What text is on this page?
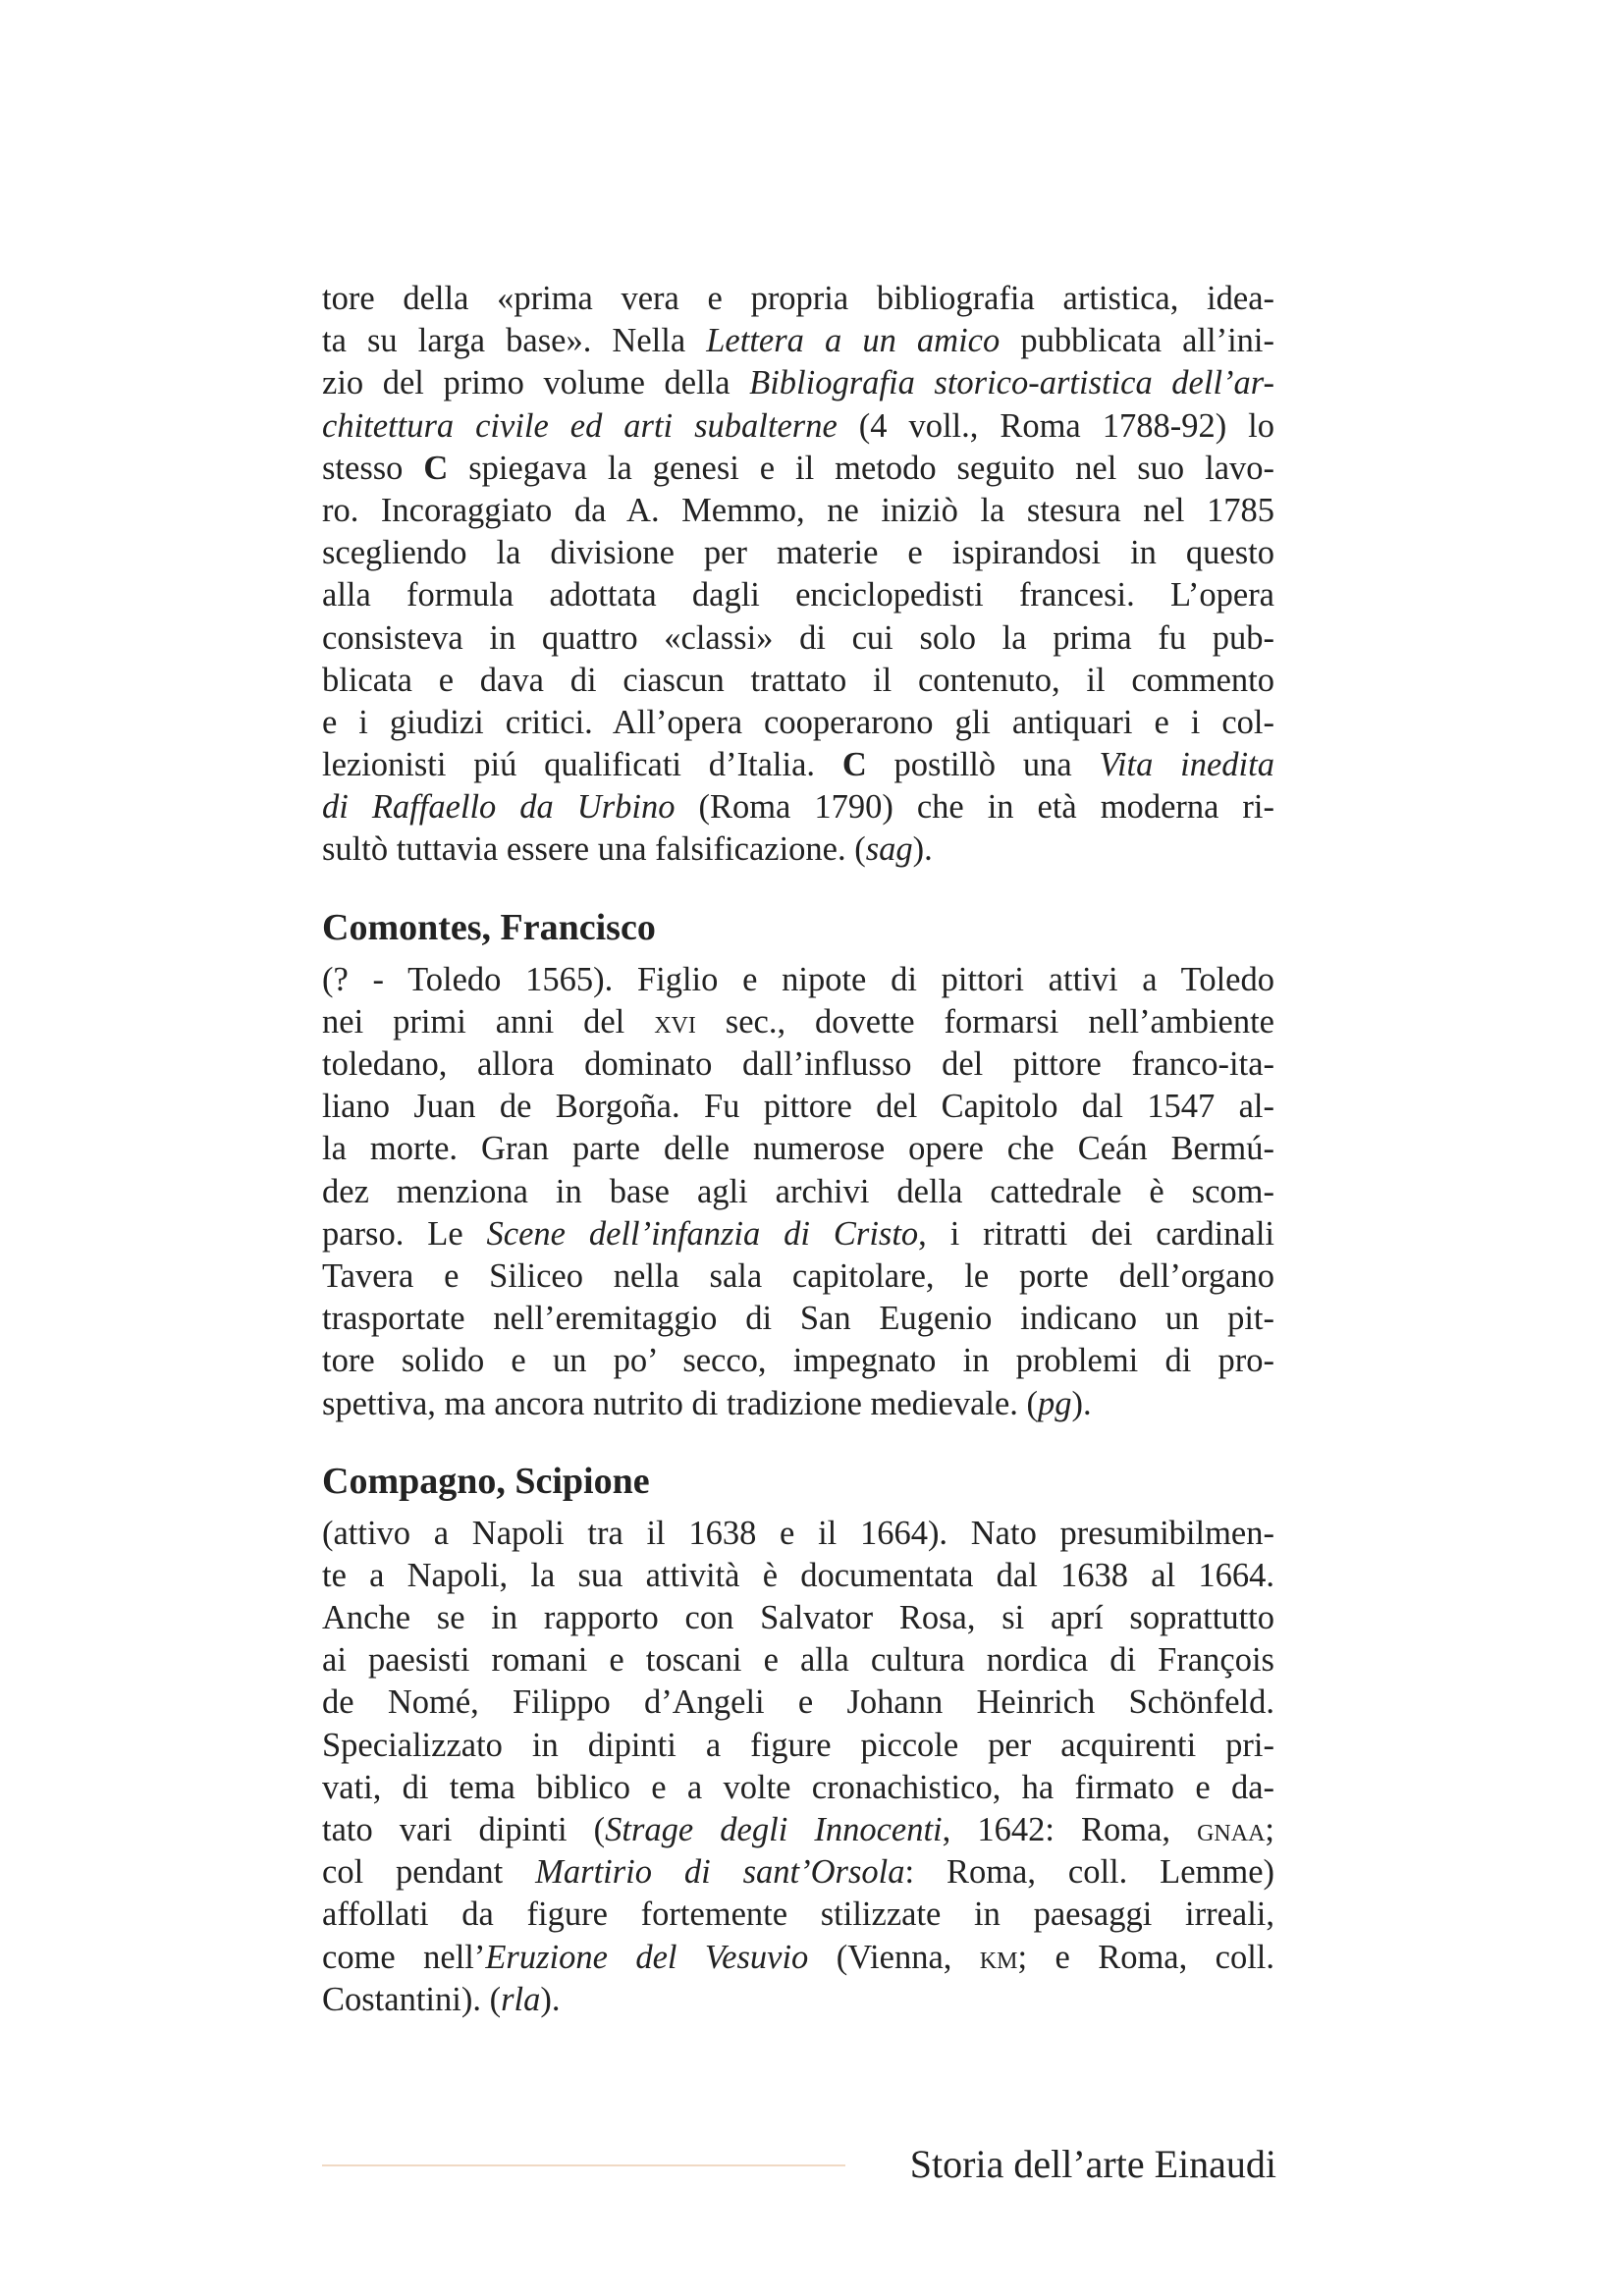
tore della «prima vera e propria bibliografia artistica, idea-
ta su larga base». Nella Lettera a un amico pubblicata all’ini-
zio del primo volume della Bibliografia storico-artistica dell’ar-
chitettura civile ed arti subalterne (4 voll., Roma 1788-92) lo
stesso C spiegava la genesi e il metodo seguito nel suo lavo-
ro. Incoraggiato da A. Memmo, ne iniziò la stesura nel 1785
scegliendo la divisione per materie e ispirandosi in questo
alla formula adottata dagli enciclopedisti francesi. L’opera
consisteva in quattro «classi» di cui solo la prima fu pub-
blicata e dava di ciascun trattato il contenuto, il commento
e i giudizi critici. All’opera cooperarono gli antiquari e i col-
lezionisti piú qualificati d’Italia. C postillò una Vita inedita
di Raffaello da Urbino (Roma 1790) che in età moderna ri-
sultò tuttavia essere una falsificazione. (sag).
Comontes, Francisco
(? - Toledo 1565). Figlio e nipote di pittori attivi a Toledo
nei primi anni del xvi sec., dovette formarsi nell’ambiente
toledano, allora dominato dall’influsso del pittore franco-ita-
liano Juan de Borgoña. Fu pittore del Capitolo dal 1547 al-
la morte. Gran parte delle numerose opere che Ceán Bermú-
dez menziona in base agli archivi della cattedrale è scom-
parso. Le Scene dell’infanzia di Cristo, i ritratti dei cardinali
Tavera e Siliceo nella sala capitolare, le porte dell’organo
trasportate nell’eremitaggio di San Eugenio indicano un pit-
tore solido e un po’ secco, impegnato in problemi di pro-
spettiva, ma ancora nutrito di tradizione medievale. (pg).
Compagno, Scipione
(attivo a Napoli tra il 1638 e il 1664). Nato presumibilmen-
te a Napoli, la sua attività è documentata dal 1638 al 1664.
Anche se in rapporto con Salvator Rosa, si aprí soprattutto
ai paesisti romani e toscani e alla cultura nordica di François
de Nomé, Filippo d’Angeli e Johann Heinrich Schönfeld.
Specializzato in dipinti a figure piccole per acquirenti pri-
vati, di tema biblico e a volte cronachistico, ha firmato e da-
tato vari dipinti (Strage degli Innocenti, 1642: Roma, gnaa;
col pendant Martirio di sant’Orsola: Roma, coll. Lemme)
affollati da figure fortemente stilizzate in paesaggi irreali,
come nell’Eruzione del Vesuvio (Vienna, km; e Roma, coll.
Costantini). (rla).
Storia dell’arte Einaudi
